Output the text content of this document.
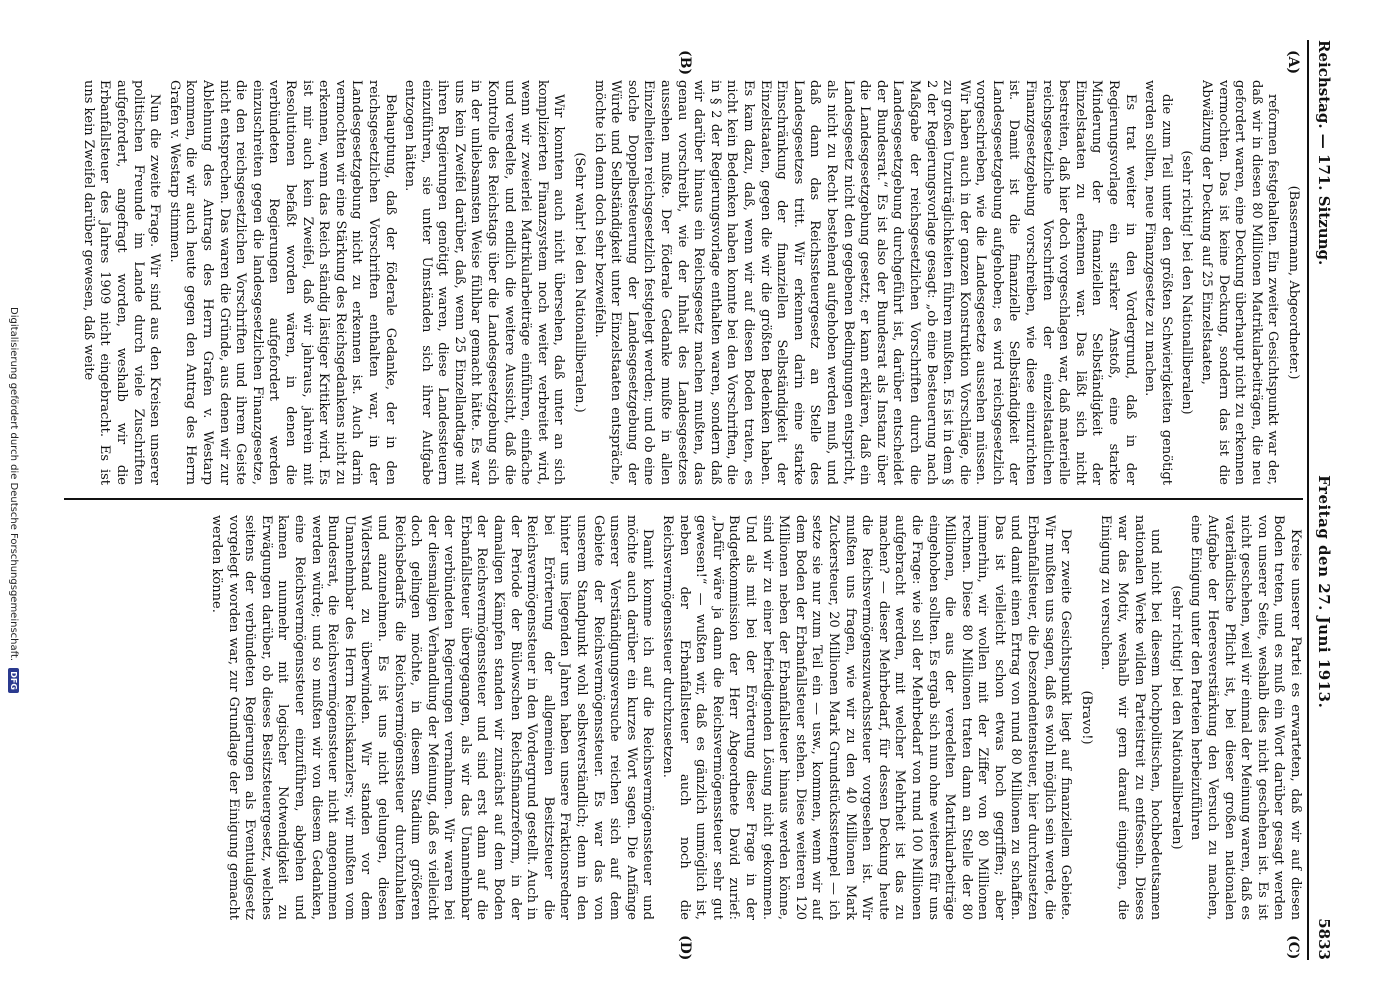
Reichstag. — 171. Sitzung.
Freitag den 27. Juni 1913.
5833
(A)
(B)
(C)
(D)

(Bassermann, Abgeordneter.)

reformen festgehalten. Ein zweiter Gesichtspunkt war der, daß wir in diesen 80 Millionen Matrikularbeiträgen, die neu gefordert waren, eine Deckung überhaupt nicht zu erkennen vermochten. Das ist keine Deckung, sondern das ist die Abwälzung der Deckung auf 25 Einzelstaaten,

(sehr richtig! bei den Nationalliberalen)

die zum Teil unter den größten Schwierigkeiten genötigt werden sollten, neue Finanzgesetze zu machen.

Es trat weiter in den Vordergrund, daß in der Regierungsvorlage ein starker Anstoß, eine starke Minderung der finanziellen Selbständigkeit der Einzelstaaten zu erkennen war. Das läßt sich nicht bestreiten, daß hier doch vorgeschlagen war, daß materielle reichsgesetzliche Vorschriften der einzelstaatlichen Finanzgesetzgebung vorschreiben, wie diese einzurichten ist. Damit ist die finanzielle Selbständigkeit der Landesgesetzgebung aufgehoben; es wird reichsgesetzlich vorgeschrieben, wie die Landesgesetze aussehen müssen. Wir haben auch in der ganzen Konstruktion Vorschläge, die zu großen Unzuträglichkeiten führen mußten. Es ist in dem § 2 der Regierungsvorlage gesagt: „ob eine Besteuerung nach Maßgabe der reichsgesetzlichen Vorschriften durch die Landesgesetzgebung durchgeführt ist, darüber entscheidet der Bundesrat.“ Es ist also der Bundesrat als Instanz über die Landesgesetzgebung gesetzt; er kann erklären, daß ein Landesgesetz nicht den gegebenen Bedingungen entspricht, als nicht zu Recht bestehend aufgehoben werden muß, und daß dann das Reichssteuergesetz an Stelle des Landesgesetzes tritt. Wir erkennen darin eine starke Einschränkung der finanziellen Selbständigkeit der Einzelstaaten, gegen die wir die größten Bedenken haben. Es kam dazu, daß, wenn wir auf diesen Boden traten, es nicht kein Bedenken haben konnte bei den Vorschriften, die in § 2 der Regierungsvorlage enthalten waren, sondern daß wir darüber hinaus ein Reichsgesetz machen mußten, das genau vorschreibt, wie der Inhalt des Landesgesetzes aussehen mußte. Der föderale Gedanke mußte in allen Einzelheiten reichsgesetzlich festgelegt werden; und ob eine solche Doppelbesteuerung der Landesgesetzgebung der Würde und Selbständigkeit unter Einzelstaaten entspräche, möchte ich denn doch sehr bezweifeln.

(Sehr wahr! bei den Nationalliberalen.)

Wir konnten auch nicht übersehen, daß unter an sich komplizierten Finanzsystem noch weiter verbreitet wird, wenn wir zweierlei Matrikularbeiträge einführen, einfache und veredelte, und endlich die weitere Aussicht, daß die Kontrolle des Reichstags über die Landesgesetzgebung sich in der unliebsamsten Weise fühlbar gemacht hätte. Es war uns kein Zweifel darüber, daß, wenn 25 Einzellandtage mit ihren Regierungen genötigt waren, diese Landessteuern einzuführen, sie unter Umständen sich ihrer Aufgabe entzogen hätten.

Behauptung, daß der föderale Gedanke, der in den reichsgesetzlichen Vorschriften enthalten war, in der Landesgesetzgebung nicht zu erkennen ist. Auch darin vermochten wir eine Stärkung des Reichsgedankens nicht zu erkennen, wenn das Reich ständig lästiger Kritiker wird. Es ist mir auch kein Zweifel, daß wir jahraus, jahrein mit Resolutionen befaßt worden wären, in denen die verbündeten Regierungen aufgefordert werden einzuschreiten gegen die landesgesetzlichen Finanzgesetze, die den reichsgesetzlichen Vorschriften und ihrem Geiste nicht entsprechen. Das waren die Gründe, aus denen wir zur Ablehnung des Antrags des Herrn Grafen v. Westarp kommen, die wir auch heute gegen den Antrag des Herrn Grafen v. Westarp stimmen.

Nun die zweite Frage. Wir sind aus den Kreisen unserer politischen Freunde im Lande durch viele Zuschriften aufgefordert, angefragt worden, weshalb wir die Erbanfallsteuer des Jahres 1909 nicht eingebracht. Es ist uns kein Zweifel darüber gewesen, daß weite

Kreise unserer Partei es erwarteten, daß wir auf diesen Boden treten, und es muß ein Wort darüber gesagt werden von unserer Seite, weshalb dies nicht geschehen ist. Es ist nicht geschehen, weil wir einmal der Meinung waren, daß es vaterländische Pflicht ist, bei dieser großen nationalen Aufgabe der Heeresverstärkung den Versuch zu machen, eine Einigung unter den Parteien herbeizuführen

(sehr richtig! bei den Nationalliberalen)

und nicht bei diesem hochpolitischen, hochbedeutsamen nationalen Werke wilden Parteistreit zu entfesseln. Dieses war das Motiv, weshalb wir gern darauf eingingen, die Einigung zu versuchen.

(Bravo!)

Der zweite Gesichtspunkt liegt auf finanziellem Gebiete. Wir mußten uns sagen, daß es wohl möglich sein werde, die Erbanfallsteuer, die Deszendentensteuer, hier durchzusetzen und damit einen Ertrag von rund 80 Millionen zu schaffen. Das ist vielleicht schon etwas hoch gegriffen; aber immerhin, wir wollen mit der Ziffer von 80 Millionen rechnen. Diese 80 Millionen traten dann an Stelle der 80 Millionen, die aus der veredelten Matrikularbeiträge eingehoben sollten. Es ergab sich nun ohne weiteres für uns die Frage: wie soll der Mehrbedarf von rund 100 Millionen aufgebracht werden, mit welcher Mehrheit ist das zu machen? — dieser Mehrbedarf, für dessen Deckung heute die Reichsvermögenszuwachssteuer vorgesehen ist. Wir mußten uns fragen, wie wir zu den 40 Millionen Mark Zuckersteuer, 20 Millionen Mark Grundstücksstempel — ich setze sie nur zum Teil ein — usw., kommen, wenn wir auf dem Boden der Erbanfallsteuer stehen. Diese weiteren 120 Millionen neben der Erbanfallsteuer hinaus werden könne, sind wir zu einer befriedigenden Lösung nicht gekommen. Und als mit bei der Erörterung dieser Frage in der Budgetkommission der Herr Abgeordnete David zurief: „Dafür wäre ja dann die Reichsvermögenssteuer sehr gut gewesen!“ — wußten wir, daß es gänzlich unmöglich ist, neben der Erbanfallsteuer auch noch die Reichsvermögenssteuer durchzusetzen.

Damit komme ich auf die Reichsvermögenssteuer und möchte auch darüber ein kurzes Wort sagen. Die Anfänge unserer Verständigungsversuche reichen sich auf dem Gebiete der Reichsvermögenssteuer. Es war das von unserem Standpunkt wohl selbstverständlich; denn in den hinter uns liegenden Jahren haben unsere Fraktionsredner bei Erörterung der allgemeinen Besitzsteuer die Reichsvermögenssteuer in den Vordergrund gestellt. Auch in der Periode der Bülowschen Reichsfinanzreform, in der damaligen Kämpfen standen wir zunächst auf dem Boden der Reichsvermögenssteuer und sind erst dann auf die Erbanfallsteuer übergegangen, als wir das Unannehmbar der verbündeten Regierungen vernahmen. Wir waren bei der diesmaligen Verhandlung der Meinung, daß es vielleicht doch gelingen möchte, in diesem Stadium größeren Reichsbedarfs die Reichsvermögenssteuer durchzuhalten und anzunehmen. Es ist uns nicht gelungen, diesen Widerstand zu überwinden. Wir standen vor dem Unannehmbar des Herrn Reichskanzlers; wir mußten vom Bundesrat, die Reichsvermögenssteuer nicht angenommen werden würde; und so mußten wir von diesem Gedanken, eine Reichsvermögenssteuer einzuführen, abgehen und kamen nunmehr mit logischer Notwendigkeit zu Erwägungen darüber, ob dieses Besitzsteuergesetz, welches seitens der verbündeten Regierungen als Eventualgesetz vorgelegt worden war, zur Grundlage der Einigung gemacht werden könne.

Digitalisierung gefördert durch die Deutsche Forschungsgemeinschaft. DFG
